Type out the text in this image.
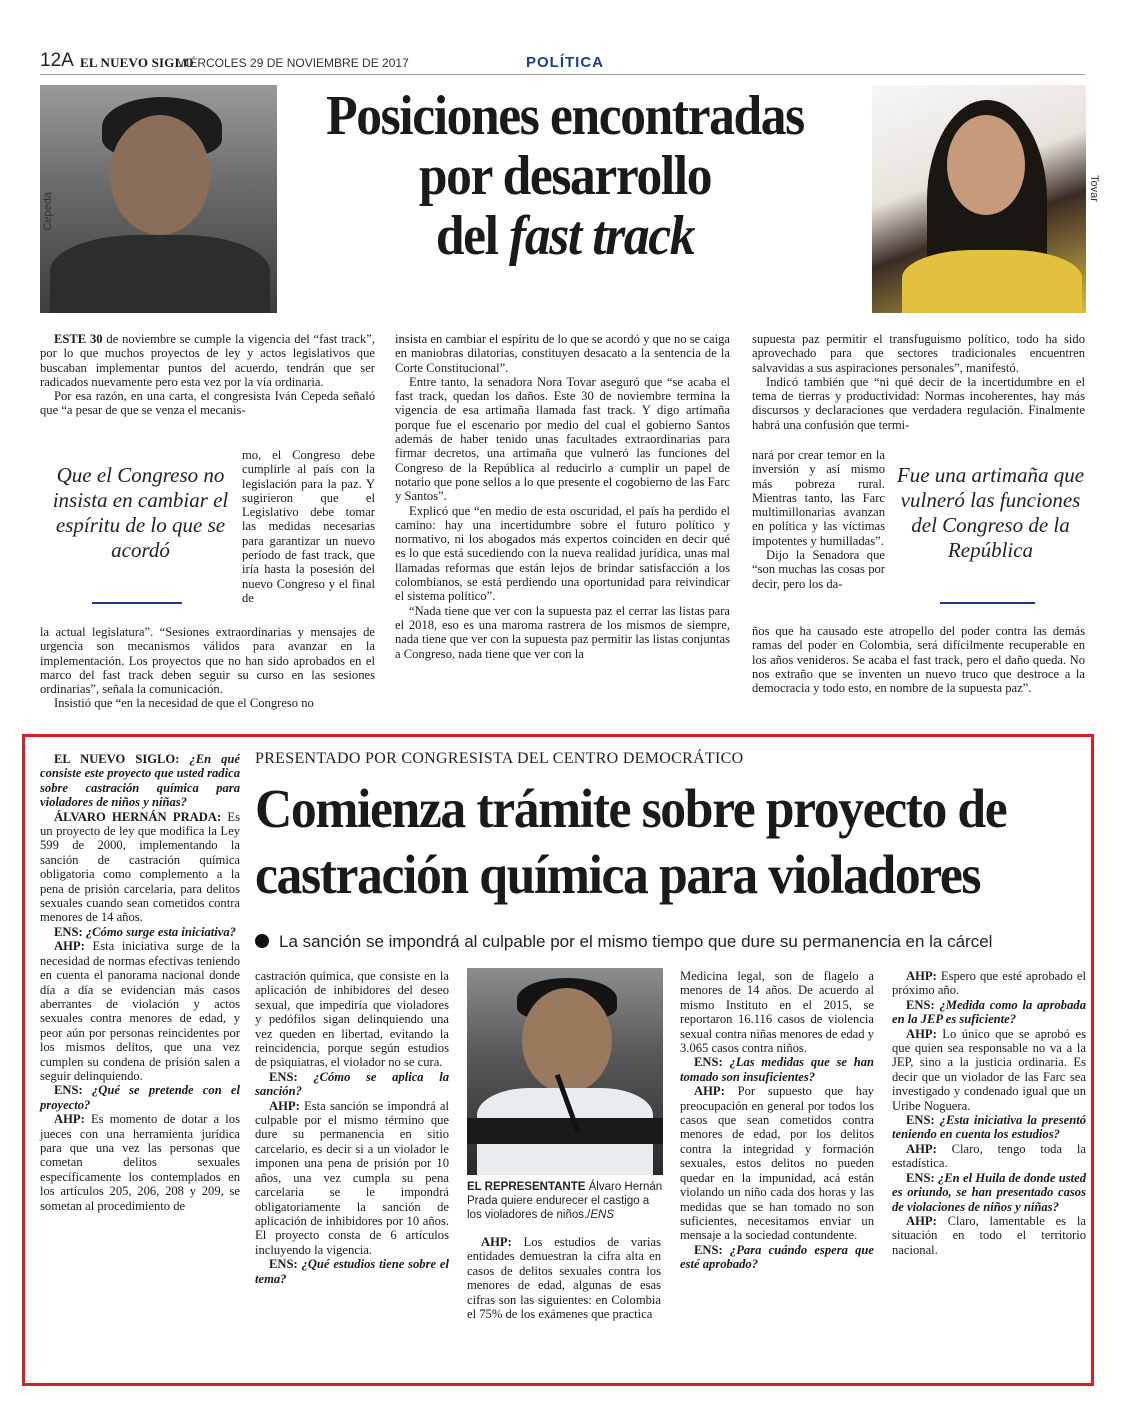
12A EL NUEVO SIGLO
MIÉRCOLES 29 DE NOVIEMBRE DE 2017	POLÍTICA
Cepeda
Tovar
Posiciones encontradas
por desarrollo
del fast track

ESTE 30 de noviembre se cumple la vigencia del “fast track”, por lo que muchos proyectos de ley y actos legislativos que buscaban implementar puntos del acuerdo, tendrán que ser radicados nuevamente pero esta vez por la vía ordinaria.

Por esa razón, en una carta, el congresista Iván Cepeda señaló que “a pesar de que se venza el mecanis-

Que el Congreso no insista en cambiar el espíritu de lo que se acordó

mo, el Congreso debe cumplirle al país con la legislación para la paz. Y sugirieron que el Legislativo debe tomar las medidas necesarias para garantizar un nuevo período de fast track, que iría hasta la posesión del nuevo Congreso y el final de

la actual legislatura”. “Sesiones extraordinarias y mensajes de urgencia son mecanismos válidos para avanzar en la implementación. Los proyectos que no han sido aprobados en el marco del fast track deben seguir su curso en las sesiones ordinarias”, señala la comunicación.

Insistió que “en la necesidad de que el Congreso no

insista en cambiar el espíritu de lo que se acordó y que no se caiga en maniobras dilatorias, constituyen desacato a la sentencia de la Corte Constitucional”.

Entre tanto, la senadora Nora Tovar aseguró que “se acaba el fast track, quedan los daños. Este 30 de noviembre termina la vigencia de esa artimaña llamada fast track. Y digo artimaña porque fue el escenario por medio del cual el gobierno Santos además de haber tenido unas facultades extraordinarias para firmar decretos, una artimaña que vulneró las funciones del Congreso de la República al reducirlo a cumplir un papel de notario que pone sellos a lo que presente el cogobierno de las Farc y Santos”.

Explicó que “en medio de esta oscuridad, el país ha perdido el camino: hay una incertidumbre sobre el futuro político y normativo, ni los abogados más expertos coinciden en decir qué es lo que está sucediendo con la nueva realidad jurídica, unas mal llamadas reformas que están lejos de brindar satisfacción a los colombianos, se está perdiendo una oportunidad para reivindicar el sistema político”.

“Nada tiene que ver con la supuesta paz el cerrar las listas para el 2018, eso es una maroma rastrera de los mismos de siempre, nada tiene que ver con la supuesta paz permitir las listas conjuntas a Congreso, nada tiene que ver con la

supuesta paz permitir el transfuguismo político, todo ha sido aprovechado para que sectores tradicionales encuentren salvavidas a sus aspiraciones personales”, manifestó.

Indicó también que “ni qué decir de la incertidumbre en el tema de tierras y productividad: Normas incoherentes, hay más discursos y declaraciones que verdadera regulación. Finalmente habrá una confusión que termi-

nará por crear temor en la inversión y así mismo más pobreza rural. Mientras tanto, las Farc multimillonarias avanzan en política y las víctimas impotentes y humilladas”.

Dijo la Senadora que “son muchas las cosas por decir, pero los da-

Fue una artimaña que vulneró las funciones del Congreso de la República

ños que ha causado este atropello del poder contra las demás ramas del poder en Colombia, será difícilmente recuperable en los años venideros. Se acaba el fast track, pero el daño queda. No nos extraño que se inventen un nuevo truco que destroce a la democracia y todo esto, en nombre de la supuesta paz”.

EL NUEVO SIGLO: ¿En qué consiste este proyecto que usted radica sobre castración química para violadores de niños y niñas?

ÁLVARO HERNÁN PRADA: Es un proyecto de ley que modifica la Ley 599 de 2000, implementando la sanción de castración química obligatoria como complemento a la pena de prisión carcelaria, para delitos sexuales cuando sean cometidos contra menores de 14 años.

ENS: ¿Cómo surge esta iniciativa?

AHP: Esta iniciativa surge de la necesidad de normas efectivas teniendo en cuenta el panorama nacional donde día a día se evidencian más casos aberrantes de violación y actos sexuales contra menores de edad, y peor aún por personas reincidentes por los mismos delitos, que una vez cumplen su condena de prisión salen a seguir delinquiendo.

ENS: ¿Qué se pretende con el proyecto?

AHP: Es momento de dotar a los jueces con una herramienta jurídica para que una vez las personas que cometan delitos sexuales específicamente los contemplados en los artículos 205, 206, 208 y 209, se sometan al procedimiento de

PRESENTADO POR CONGRESISTA DEL CENTRO DEMOCRÁTICO
Comienza trámite sobre proyecto de
castración química para violadores
La sanción se impondrá al culpable por el mismo tiempo que dure su permanencia en la cárcel

castración química, que consiste en la aplicación de inhibidores del deseo sexual, que impediría que violadores y pedófilos sigan delinquiendo una vez queden en libertad, evitando la reincidencia, porque según estudios de psiquiatras, el violador no se cura.

ENS: ¿Cómo se aplica la sanción?

AHP: Esta sanción se impondrá al culpable por el mismo término que dure su permanencia en sitio carcelario, es decir si a un violador le imponen una pena de prisión por 10 años, una vez cumpla su pena carcelaria se le impondrá obligatoriamente la sanción de aplicación de inhibidores por 10 años. El proyecto consta de 6 artículos incluyendo la vigencia.

ENS: ¿Qué estudios tiene sobre el tema?

EL REPRESENTANTE Álvaro Hernán Prada quiere endurecer el castigo a los violadores de niños./ENS

AHP: Los estudios de varias entidades demuestran la cifra alta en casos de delitos sexuales contra los menores de edad, algunas de esas cifras son las siguientes: en Colombia el 75% de los exámenes que practica

Medicina legal, son de flagelo a menores de 14 años. De acuerdo al mismo Instituto en el 2015, se reportaron 16.116 casos de violencia sexual contra niñas menores de edad y 3.065 casos contra niños.

ENS: ¿Las medidas que se han tomado son insuficientes?

AHP: Por supuesto que hay preocupación en general por todos los casos que sean cometidos contra menores de edad, por los delitos contra la integridad y formación sexuales, estos delitos no pueden quedar en la impunidad, acá están violando un niño cada dos horas y las medidas que se han tomado no son suficientes, necesitamos enviar un mensaje a la sociedad contundente.

ENS: ¿Para cuándo espera que esté aprobado?

AHP: Espero que esté aprobado el próximo año.

ENS: ¿Medida como la aprobada en la JEP es suficiente?

AHP: Lo único que se aprobó es que quien sea responsable no va a la JEP, sino a la justicia ordinaria. Es decir que un violador de las Farc sea investigado y condenado igual que un Uribe Noguera.

ENS: ¿Esta iniciativa la presentó teniendo en cuenta los estudios?

AHP: Claro, tengo toda la estadística.

ENS: ¿En el Huila de donde usted es oriundo, se han presentado casos de violaciones de niños y niñas?

AHP: Claro, lamentable es la situación en todo el territorio nacional.
